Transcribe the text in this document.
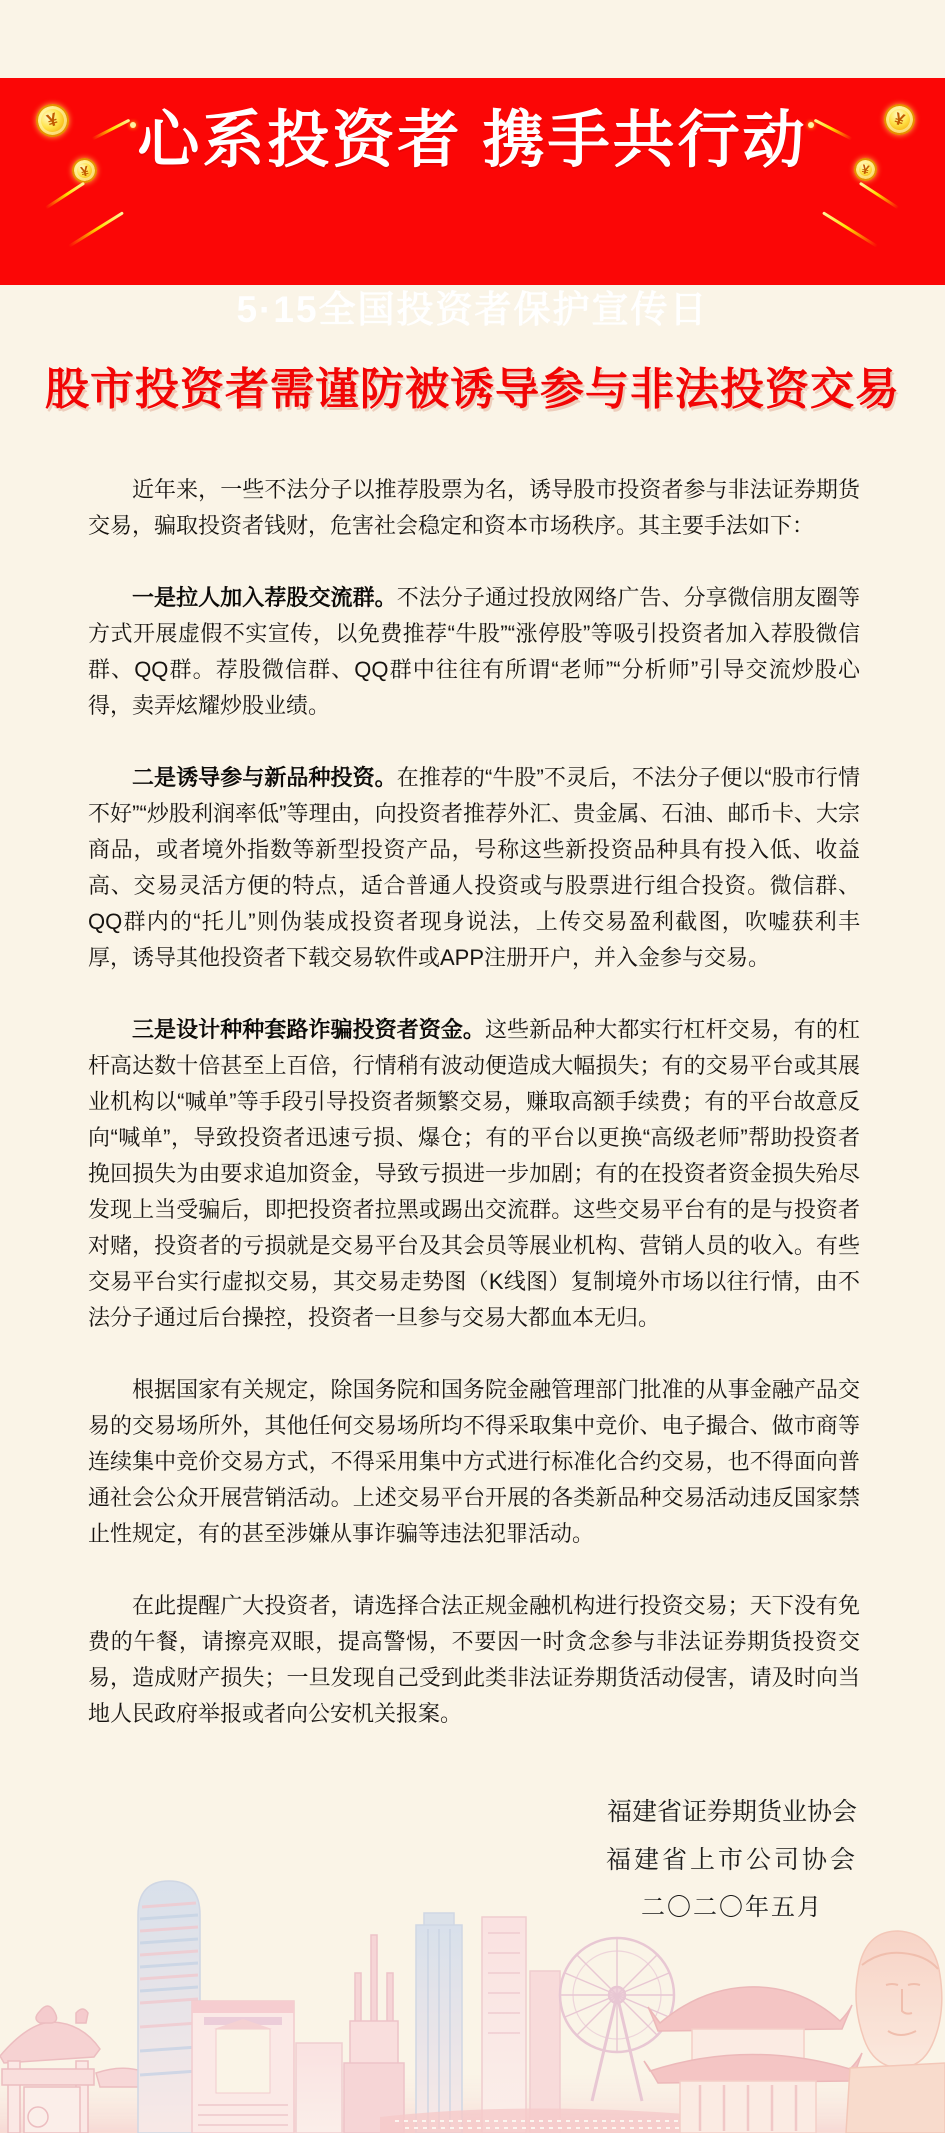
¥
¥
¥
¥
心系投资者 携手共行动
5·15全国投资者保护宣传日
股市投资者需谨防被诱导参与非法投资交易

近年来，一些不法分子以推荐股票为名，诱导股市投资者参与非法证券期货交易，骗取投资者钱财，危害社会稳定和资本市场秩序。其主要手法如下：

一是拉人加入荐股交流群。不法分子通过投放网络广告、分享微信朋友圈等方式开展虚假不实宣传，以免费推荐“牛股”“涨停股”等吸引投资者加入荐股微信群、QQ群。荐股微信群、QQ群中往往有所谓“老师”“分析师”引导交流炒股心得，卖弄炫耀炒股业绩。

二是诱导参与新品种投资。在推荐的“牛股”不灵后，不法分子便以“股市行情不好”“炒股利润率低”等理由，向投资者推荐外汇、贵金属、石油、邮币卡、大宗商品，或者境外指数等新型投资产品，号称这些新投资品种具有投入低、收益高、交易灵活方便的特点，适合普通人投资或与股票进行组合投资。微信群、QQ群内的“托儿”则伪装成投资者现身说法，上传交易盈利截图，吹嘘获利丰厚，诱导其他投资者下载交易软件或APP注册开户，并入金参与交易。

三是设计种种套路诈骗投资者资金。这些新品种大都实行杠杆交易，有的杠杆高达数十倍甚至上百倍，行情稍有波动便造成大幅损失；有的交易平台或其展业机构以“喊单”等手段引导投资者频繁交易，赚取高额手续费；有的平台故意反向“喊单”，导致投资者迅速亏损、爆仓；有的平台以更换“高级老师”帮助投资者挽回损失为由要求追加资金，导致亏损进一步加剧；有的在投资者资金损失殆尽发现上当受骗后，即把投资者拉黑或踢出交流群。这些交易平台有的是与投资者对赌，投资者的亏损就是交易平台及其会员等展业机构、营销人员的收入。有些交易平台实行虚拟交易，其交易走势图（K线图）复制境外市场以往行情，由不法分子通过后台操控，投资者一旦参与交易大都血本无归。

根据国家有关规定，除国务院和国务院金融管理部门批准的从事金融产品交易的交易场所外，其他任何交易场所均不得采取集中竞价、电子撮合、做市商等连续集中竞价交易方式，不得采用集中方式进行标准化合约交易，也不得面向普通社会公众开展营销活动。上述交易平台开展的各类新品种交易活动违反国家禁止性规定，有的甚至涉嫌从事诈骗等违法犯罪活动。

在此提醒广大投资者，请选择合法正规金融机构进行投资交易；天下没有免费的午餐，请擦亮双眼，提高警惕，不要因一时贪念参与非法证券期货投资交易，造成财产损失；一旦发现自己受到此类非法证券期货活动侵害，请及时向当地人民政府举报或者向公安机关报案。

福建省证券期货业协会
福建省上市公司协会
二〇二〇年五月
